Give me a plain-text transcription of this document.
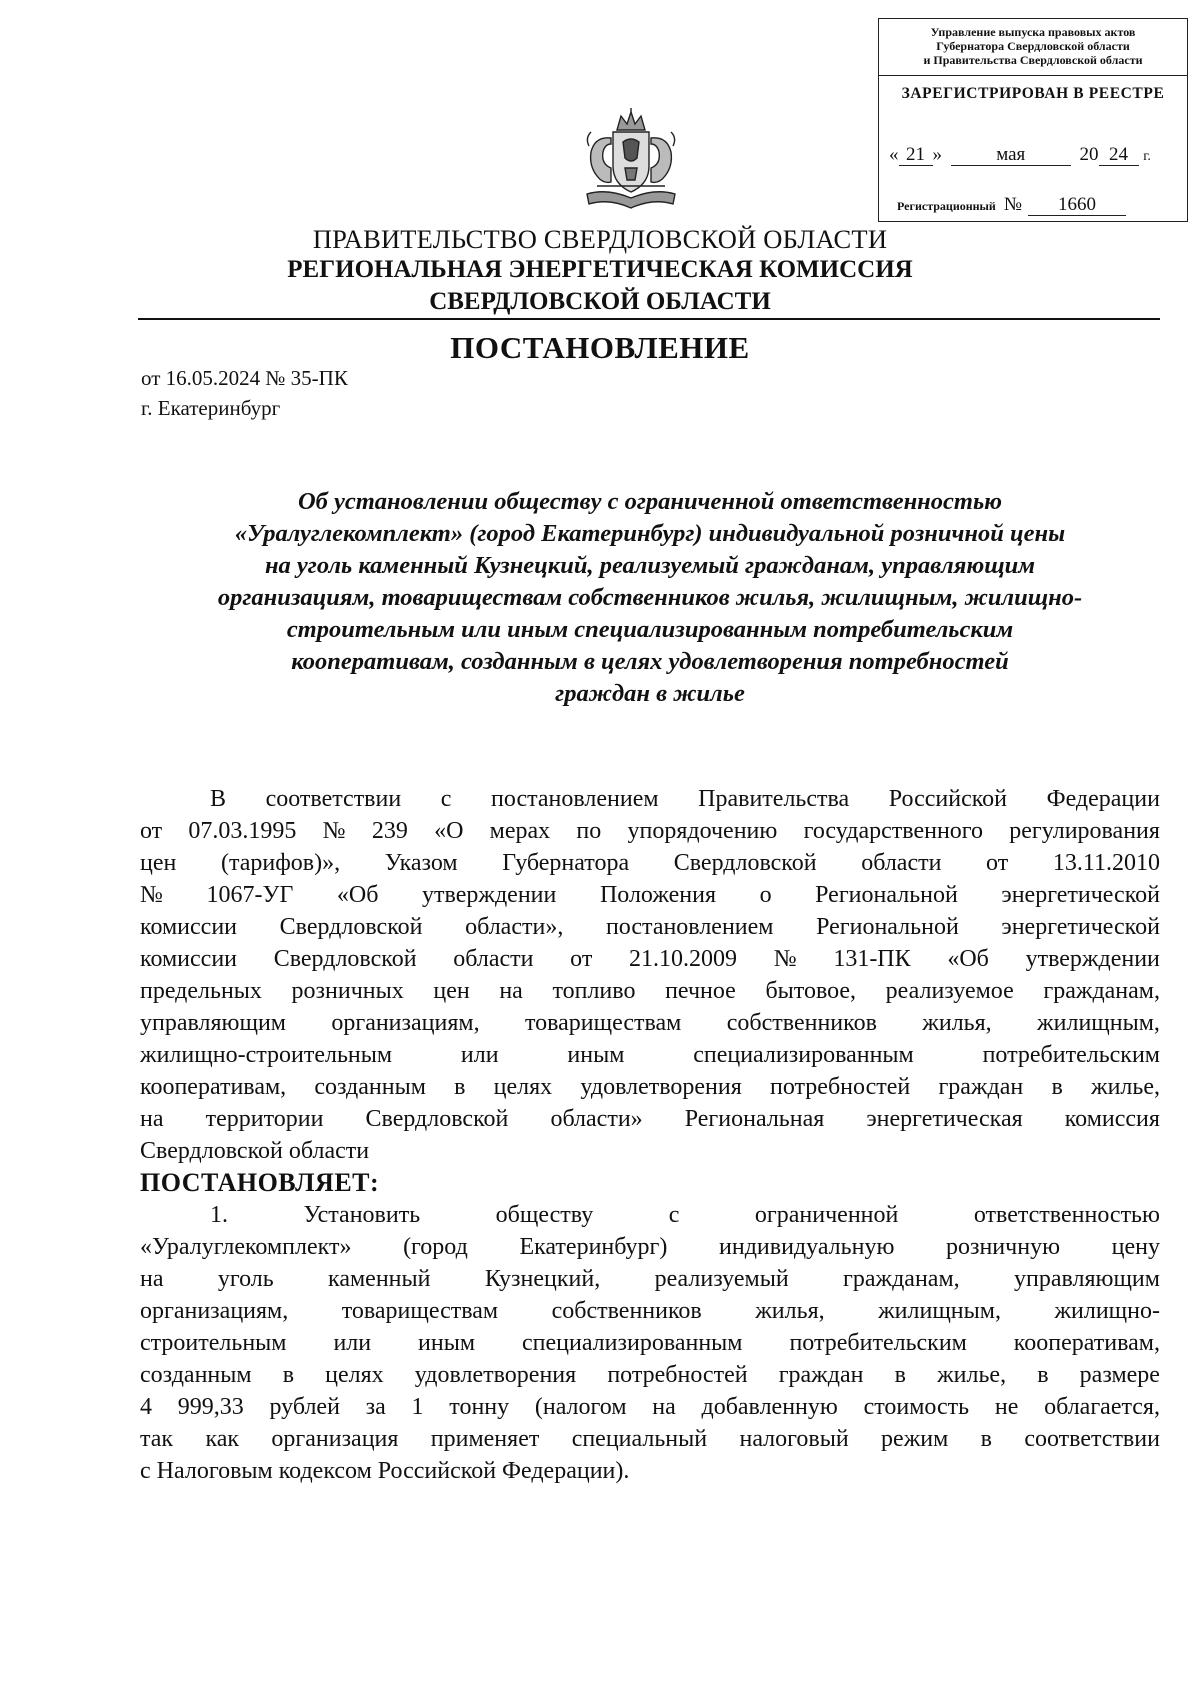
Управление выпуска правовых актов
Губернатора Свердловской области
и Правительства Свердловской области
ЗАРЕГИСТРИРОВАН В РЕЕСТРЕ
« 21 »	мая	20 24 г.
Регистрационный № 1660
ПРАВИТЕЛЬСТВО СВЕРДЛОВСКОЙ ОБЛАСТИ
РЕГИОНАЛЬНАЯ ЭНЕРГЕТИЧЕСКАЯ КОМИССИЯ
СВЕРДЛОВСКОЙ ОБЛАСТИ
ПОСТАНОВЛЕНИЕ
от 16.05.2024 № 35-ПК
г. Екатеринбург
Об установлении обществу с ограниченной ответственностью
«Уралуглекомплект» (город Екатеринбург) индивидуальной розничной цены
на уголь каменный Кузнецкий, реализуемый гражданам, управляющим
организациям, товариществам собственников жилья, жилищным, жилищно-
строительным или иным специализированным потребительским
кооперативам, созданным в целях удовлетворения потребностей
граждан в жилье
В соответствии с постановлением Правительства Российской Федерации
от 07.03.1995 № 239 «О мерах по упорядочению государственного регулирования
цен (тарифов)», Указом Губернатора Свердловской области от 13.11.2010
№ 1067-УГ «Об утверждении Положения о Региональной энергетической
комиссии Свердловской области», постановлением Региональной энергетической
комиссии Свердловской области от 21.10.2009 № 131-ПК «Об утверждении
предельных розничных цен на топливо печное бытовое, реализуемое гражданам,
управляющим организациям, товариществам собственников жилья, жилищным,
жилищно-строительным	или	иным	специализированным	потребительским
кооперативам, созданным в целях удовлетворения потребностей граждан в жилье,
на территории Свердловской области» Региональная энергетическая комиссия
Свердловской области
ПОСТАНОВЛЯЕТ:
1.	Установить	обществу	с	ограниченной	ответственностью
«Уралуглекомплект» (город Екатеринбург) индивидуальную розничную цену
на уголь каменный Кузнецкий, реализуемый гражданам, управляющим
организациям, товариществам собственников жилья, жилищным, жилищно-
строительным или иным специализированным потребительским кооперативам,
созданным в целях удовлетворения потребностей граждан в жилье, в размере
4 999,33 рублей за 1 тонну (налогом на добавленную стоимость не облагается,
так как организация применяет специальный налоговый режим в соответствии
с Налоговым кодексом Российской Федерации).
